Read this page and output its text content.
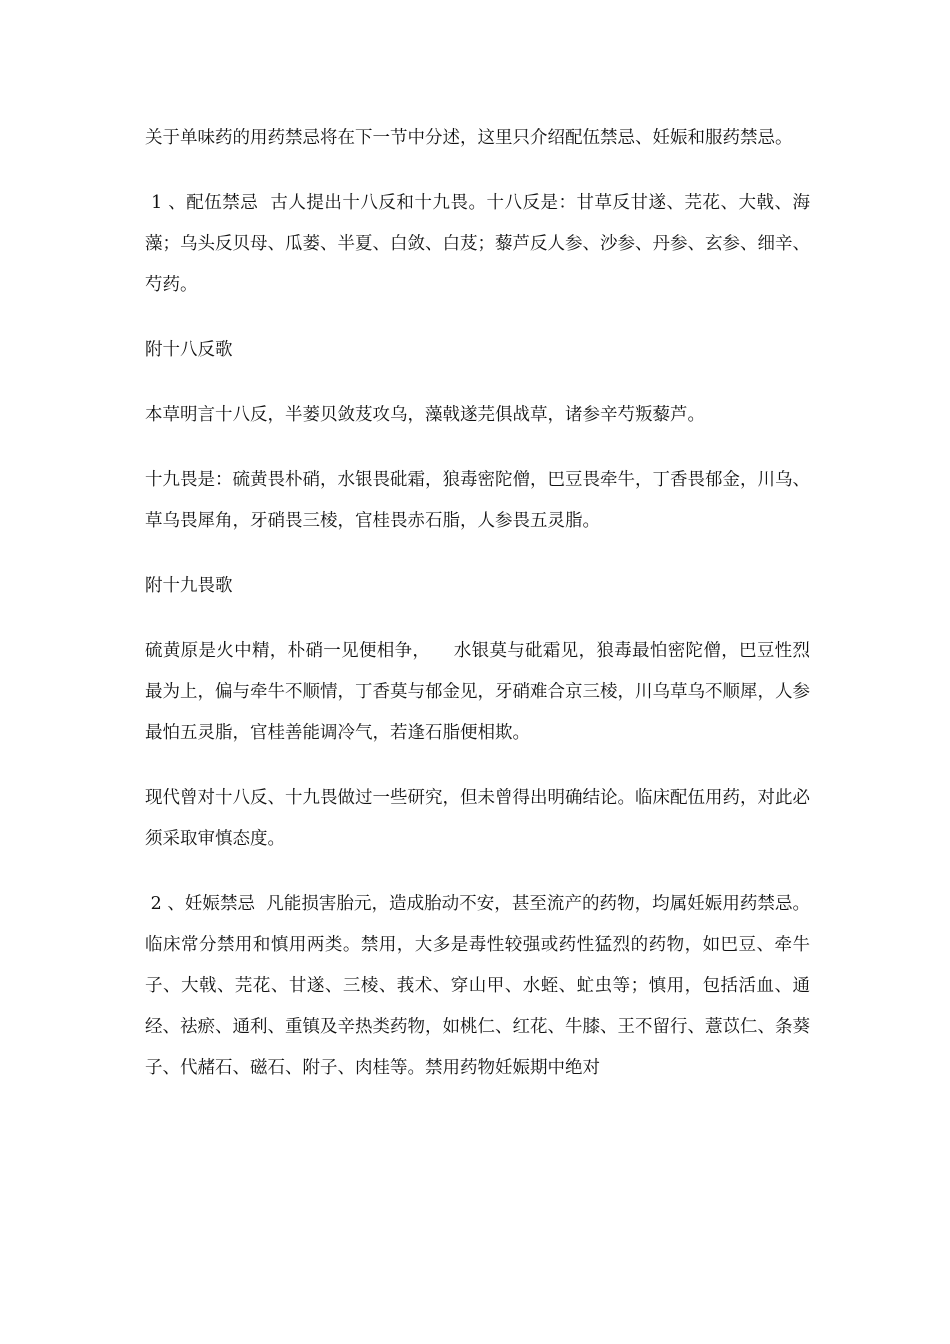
关于单味药的用药禁忌将在下一节中分述，这里只介绍配伍禁忌、妊娠和服药禁忌。

1 、配伍禁忌  古人提出十八反和十九畏。十八反是：甘草反甘遂、芫花、大戟、海藻；乌头反贝母、瓜蒌、半夏、白敛、白芨；藜芦反人参、沙参、丹参、玄参、细辛、芍药。

附十八反歌

本草明言十八反，半蒌贝敛芨攻乌，藻戟遂芫俱战草，诸参辛芍叛藜芦。

十九畏是：硫黄畏朴硝，水银畏砒霜，狼毒密陀僧，巴豆畏牵牛，丁香畏郁金，川乌、草乌畏犀角，牙硝畏三棱，官桂畏赤石脂，人参畏五灵脂。

附十九畏歌

硫黄原是火中精，朴硝一见便相争，    水银莫与砒霜见，狼毒最怕密陀僧，巴豆性烈最为上，偏与牵牛不顺情，丁香莫与郁金见，牙硝难合京三棱，川乌草乌不顺犀，人参最怕五灵脂，官桂善能调冷气，若逢石脂便相欺。

现代曾对十八反、十九畏做过一些研究，但未曾得出明确结论。临床配伍用药，对此必须采取审慎态度。

2 、妊娠禁忌  凡能损害胎元，造成胎动不安，甚至流产的药物，均属妊娠用药禁忌。临床常分禁用和慎用两类。禁用，大多是毒性较强或药性猛烈的药物，如巴豆、牵牛子、大戟、芫花、甘遂、三棱、莪术、穿山甲、水蛭、虻虫等；慎用，包括活血、通经、祛瘀、通利、重镇及辛热类药物，如桃仁、红花、牛膝、王不留行、薏苡仁、条葵子、代赭石、磁石、附子、肉桂等。禁用药物妊娠期中绝对
